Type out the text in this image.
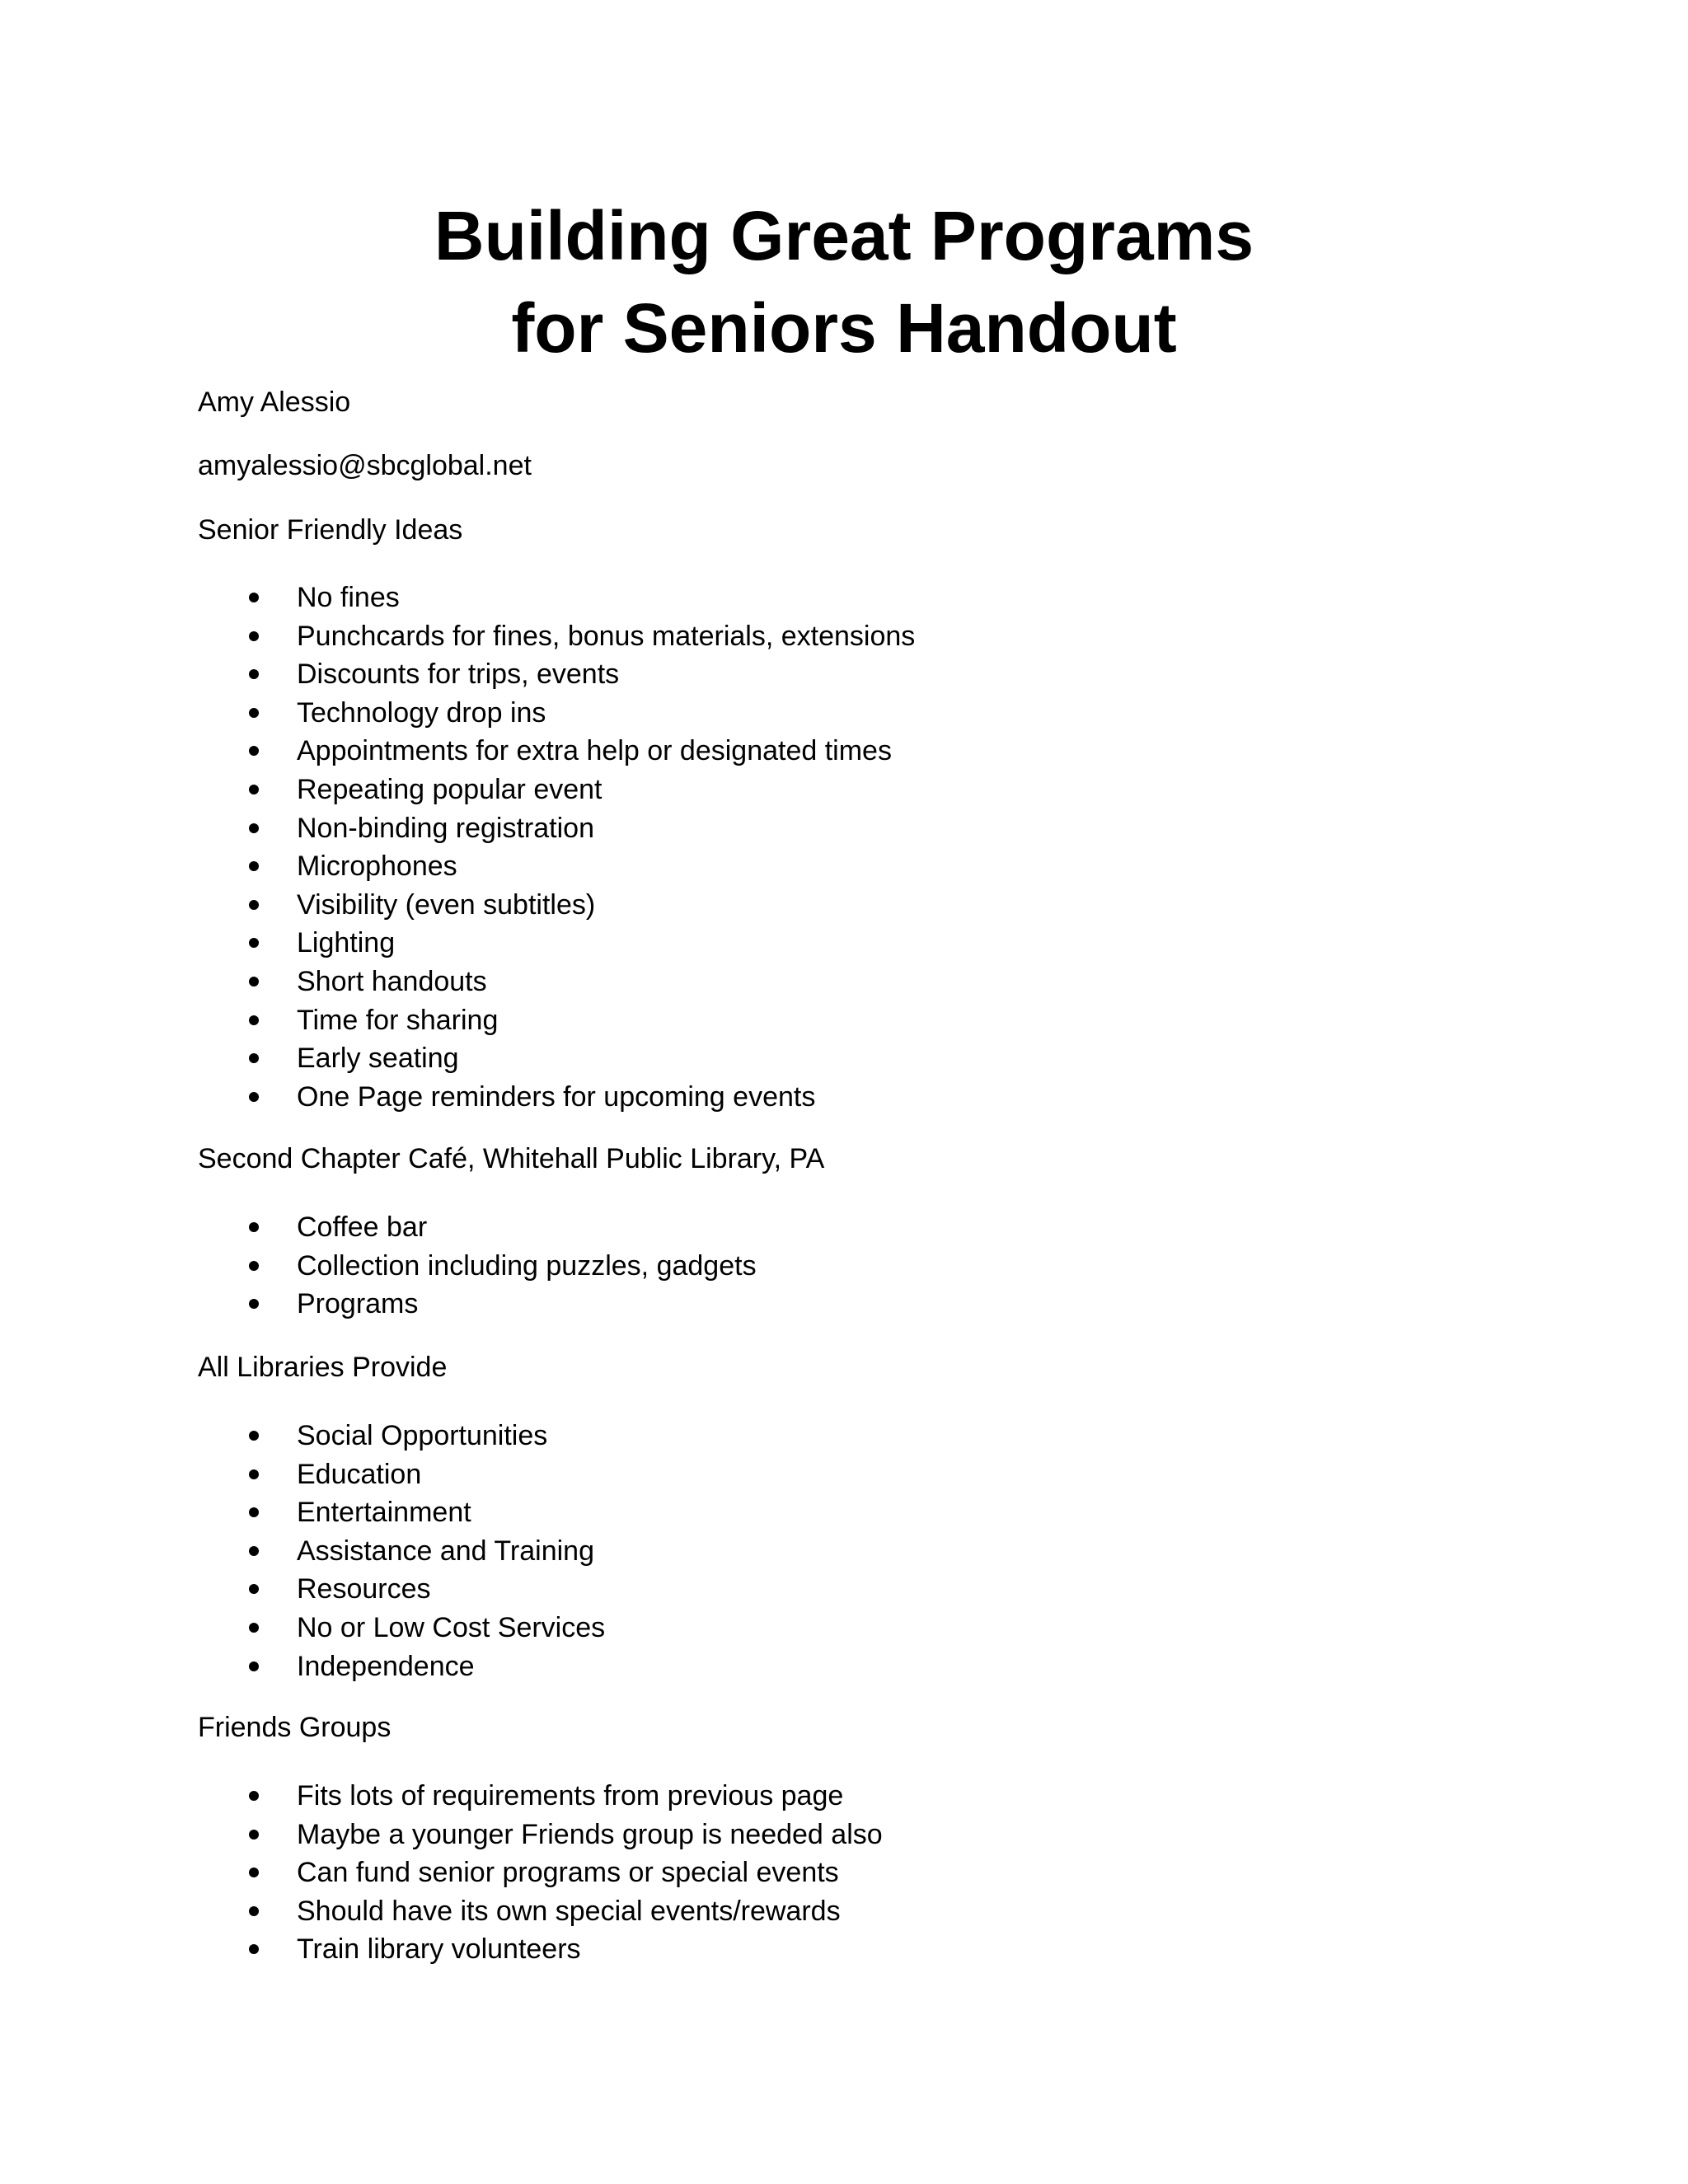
Building Great Programs
for Seniors Handout

Amy Alessio

amyalessio@sbcglobal.net

Senior Friendly Ideas

No fines
Punchcards for fines, bonus materials, extensions
Discounts for trips, events
Technology drop ins
Appointments for extra help or designated times
Repeating popular event
Non-binding registration
Microphones
Visibility (even subtitles)
Lighting
Short handouts
Time for sharing
Early seating
One Page reminders for upcoming events

Second Chapter Café, Whitehall Public Library, PA

Coffee bar
Collection including puzzles, gadgets
Programs

All Libraries Provide

Social Opportunities
Education
Entertainment
Assistance and Training
Resources
No or Low Cost Services
Independence

Friends Groups

Fits lots of requirements from previous page
Maybe a younger Friends group is needed also
Can fund senior programs or special events
Should have its own special events/rewards
Train library volunteers
